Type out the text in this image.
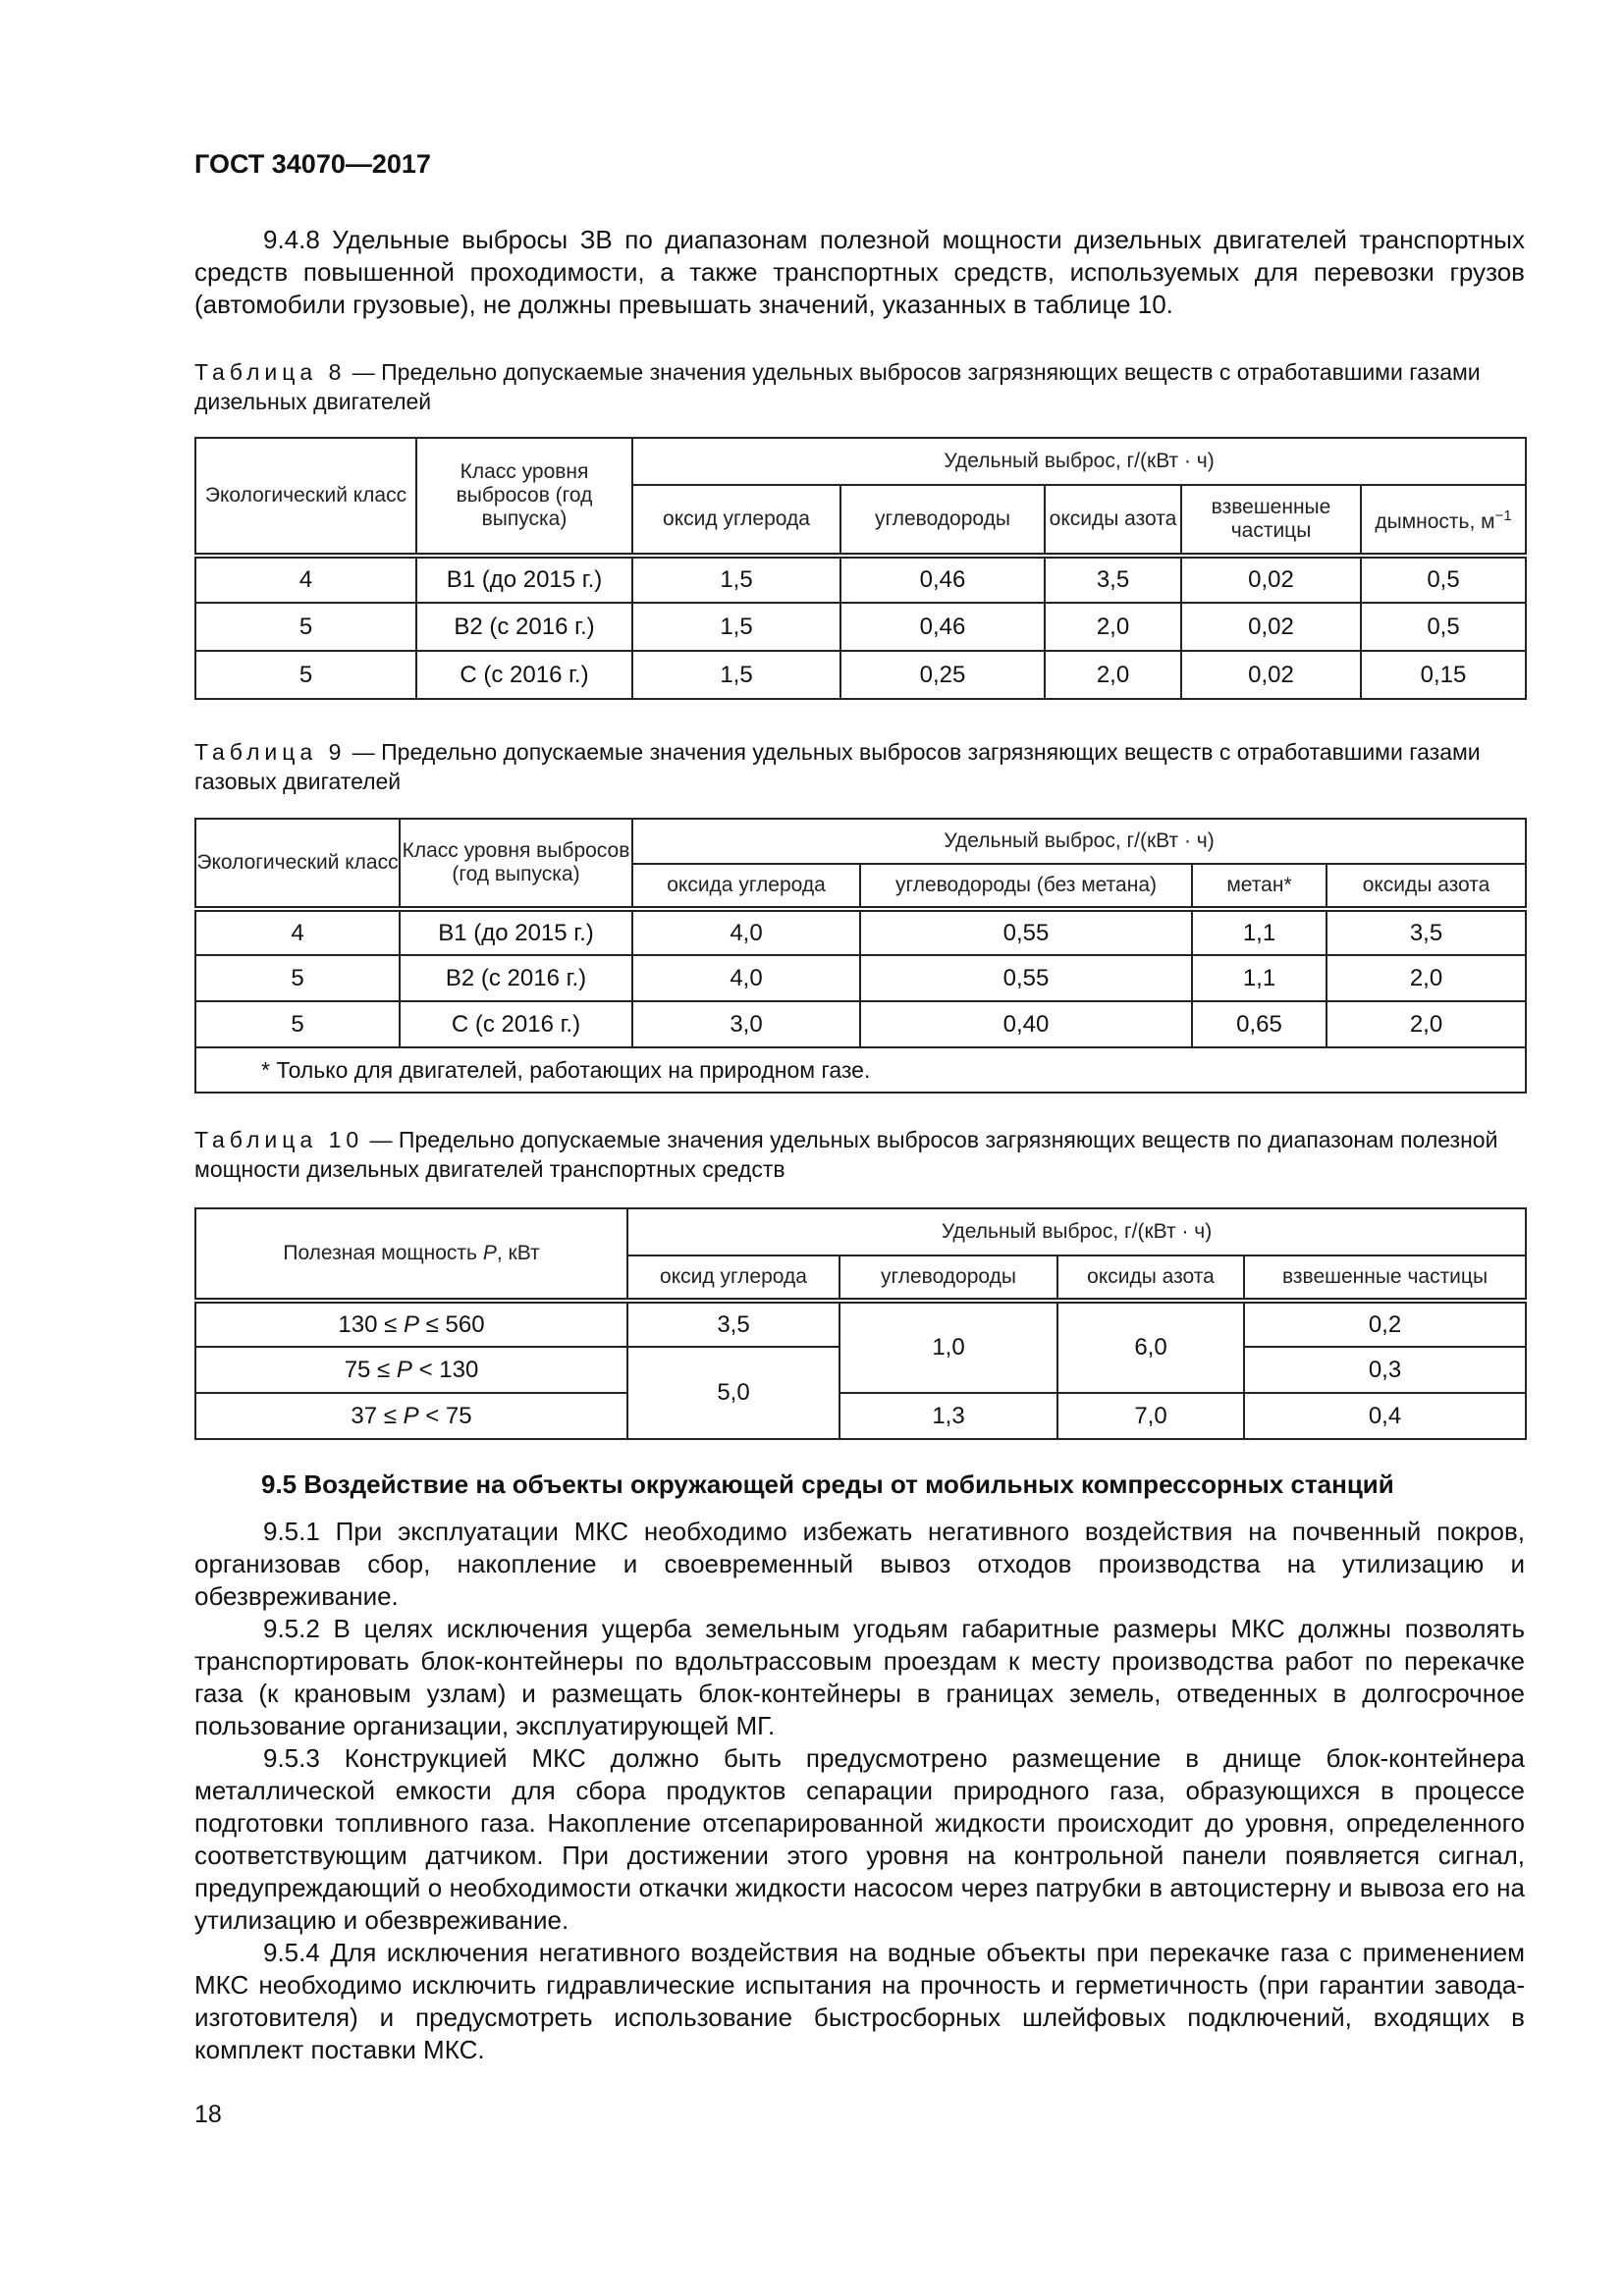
ГОСТ 34070—2017

9.4.8 Удельные выбросы ЗВ по диапазонам полезной мощности дизельных двигателей транспортных средств повышенной проходимости, а также транспортных средств, используемых для перевозки грузов (автомобили грузовые), не должны превышать значений, указанных в таблице 10.

Таблица 8 — Предельно допускаемые значения удельных выбросов загрязняющих веществ с отработавшими газами дизельных двигателей

Экологический класс	Класс уровня выбросов (год выпуска)	Удельный выброс, г/(кВт · ч)				
		оксид углерода	углеводороды	оксиды азота	взвешенные частицы	дымность, $м^{-1}$
4	В1 (до 2015 г.)	1,5	0,46	3,5	0,02	0,5
5	В2 (с 2016 г.)	1,5	0,46	2,0	0,02	0,5
5	С (с 2016 г.)	1,5	0,25	2,0	0,02	0,15

Таблица 9 — Предельно допускаемые значения удельных выбросов загрязняющих веществ с отработавшими газами газовых двигателей

Экологический класс	Класс уровня выбросов (год выпуска)	Удельный выброс, г/(кВт · ч)			
		оксида углерода	углеводороды (без метана)	метан*	оксиды азота
4	В1 (до 2015 г.)	4,0	0,55	1,1	3,5
5	В2 (с 2016 г.)	4,0	0,55	1,1	2,0
5	С (с 2016 г.)	3,0	0,40	0,65	2,0
* Только для двигателей, работающих на природном газе.					

Таблица 10 — Предельно допускаемые значения удельных выбросов загрязняющих веществ по диапазонам полезной мощности дизельных двигателей транспортных средств

Полезная мощность P, кВт	Удельный выброс, г/(кВт · ч)			
	оксид углерода	углеводороды	оксиды азота	взвешенные частицы
130 ≤ P ≤ 560	3,5	1,0	6,0	0,2
75 ≤ P < 130	5,0			0,3
37 ≤ P < 75		1,3	7,0	0,4
9.5 Воздействие на объекты окружающей среды от мобильных компрессорных станций

9.5.1 При эксплуатации МКС необходимо избежать негативного воздействия на почвенный покров, организовав сбор, накопление и своевременный вывоз отходов производства на утилизацию и обезвреживание.

9.5.2 В целях исключения ущерба земельным угодьям габаритные размеры МКС должны позволять транспортировать блок-контейнеры по вдольтрассовым проездам к месту производства работ по перекачке газа (к крановым узлам) и размещать блок-контейнеры в границах земель, отведенных в долгосрочное пользование организации, эксплуатирующей МГ.

9.5.3 Конструкцией МКС должно быть предусмотрено размещение в днище блок-контейнера металлической емкости для сбора продуктов сепарации природного газа, образующихся в процессе подготовки топливного газа. Накопление отсепарированной жидкости происходит до уровня, определенного соответствующим датчиком. При достижении этого уровня на контрольной панели появляется сигнал, предупреждающий о необходимости откачки жидкости насосом через патрубки в автоцистерну и вывоза его на утилизацию и обезвреживание.

9.5.4 Для исключения негативного воздействия на водные объекты при перекачке газа с применением МКС необходимо исключить гидравлические испытания на прочность и герметичность (при гарантии завода-изготовителя) и предусмотреть использование быстросборных шлейфовых подключений, входящих в комплект поставки МКС.

18
